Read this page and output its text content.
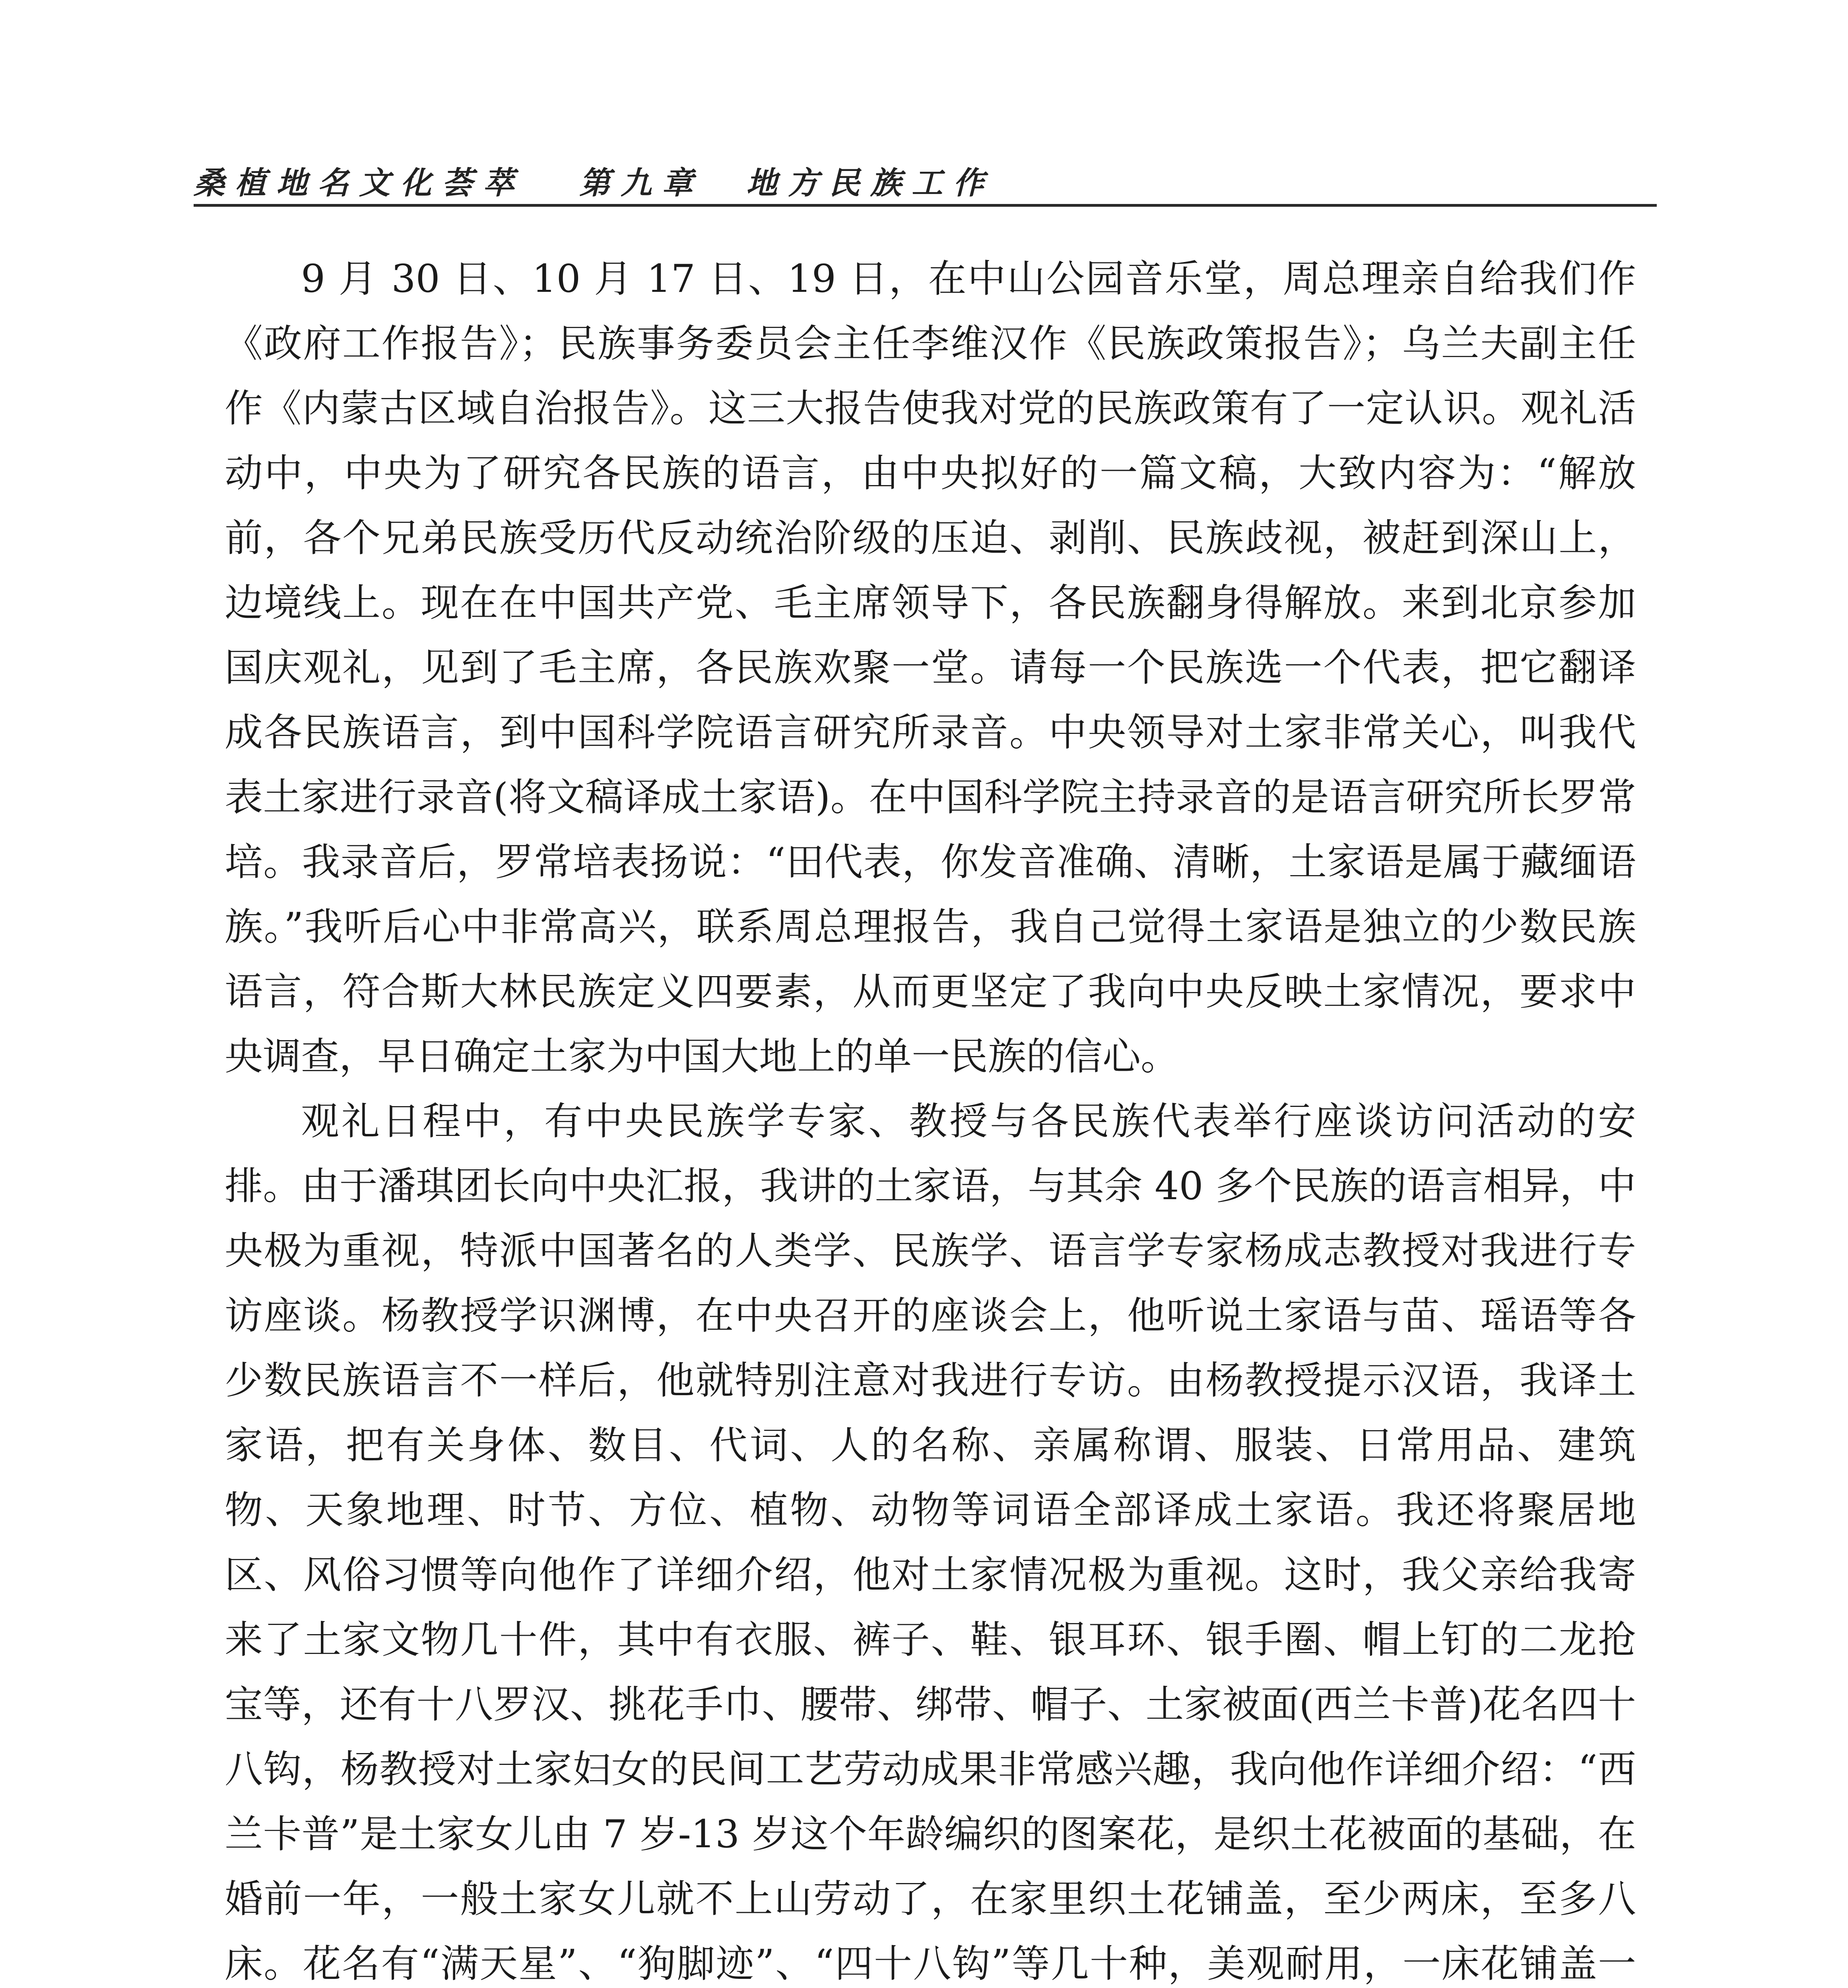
桑植地名文化荟萃 第九章 地方民族工作

9 月 30 日、10 月 17 日、19 日，在中山公园音乐堂，周总理亲自给我们作《政府工作报告》；民族事务委员会主任李维汉作《民族政策报告》；乌兰夫副主任作《内蒙古区域自治报告》。这三大报告使我对党的民族政策有了一定认识。观礼活动中，中央为了研究各民族的语言，由中央拟好的一篇文稿，大致内容为：“解放前，各个兄弟民族受历代反动统治阶级的压迫、剥削、民族歧视，被赶到深山上，边境线上。现在在中国共产党、毛主席领导下，各民族翻身得解放。来到北京参加国庆观礼，见到了毛主席，各民族欢聚一堂。请每一个民族选一个代表，把它翻译成各民族语言，到中国科学院语言研究所录音。中央领导对土家非常关心，叫我代表土家进行录音(将文稿译成土家语)。在中国科学院主持录音的是语言研究所长罗常培。我录音后，罗常培表扬说：“田代表，你发音准确、清晰，土家语是属于藏缅语族。”我听后心中非常高兴，联系周总理报告，我自己觉得土家语是独立的少数民族语言，符合斯大林民族定义四要素，从而更坚定了我向中央反映土家情况，要求中央调查，早日确定土家为中国大地上的单一民族的信心。

观礼日程中，有中央民族学专家、教授与各民族代表举行座谈访问活动的安排。由于潘琪团长向中央汇报，我讲的土家语，与其余 40 多个民族的语言相异，中央极为重视，特派中国著名的人类学、民族学、语言学专家杨成志教授对我进行专访座谈。杨教授学识渊博，在中央召开的座谈会上，他听说土家语与苗、瑶语等各少数民族语言不一样后，他就特别注意对我进行专访。由杨教授提示汉语，我译土家语，把有关身体、数目、代词、人的名称、亲属称谓、服装、日常用品、建筑物、天象地理、时节、方位、植物、动物等词语全部译成土家语。我还将聚居地区、风俗习惯等向他作了详细介绍，他对土家情况极为重视。这时，我父亲给我寄来了土家文物几十件，其中有衣服、裤子、鞋、银耳环、银手圈、帽上钉的二龙抢宝等，还有十八罗汉、挑花手巾、腰带、绑带、帽子、土家被面(西兰卡普)花名四十八钩，杨教授对土家妇女的民间工艺劳动成果非常感兴趣，我向他作详细介绍：“西兰卡普”是土家女儿由 7 岁-13 岁这个年龄编织的图案花，是织土花被面的基础，在婚前一年，一般土家女儿就不上山劳动了，在家里织土花铺盖，至少两床，至多八床。花名有“满天星”、“狗脚迹”、“四十八钩”等几十种，美观耐用，一床花铺盖一
